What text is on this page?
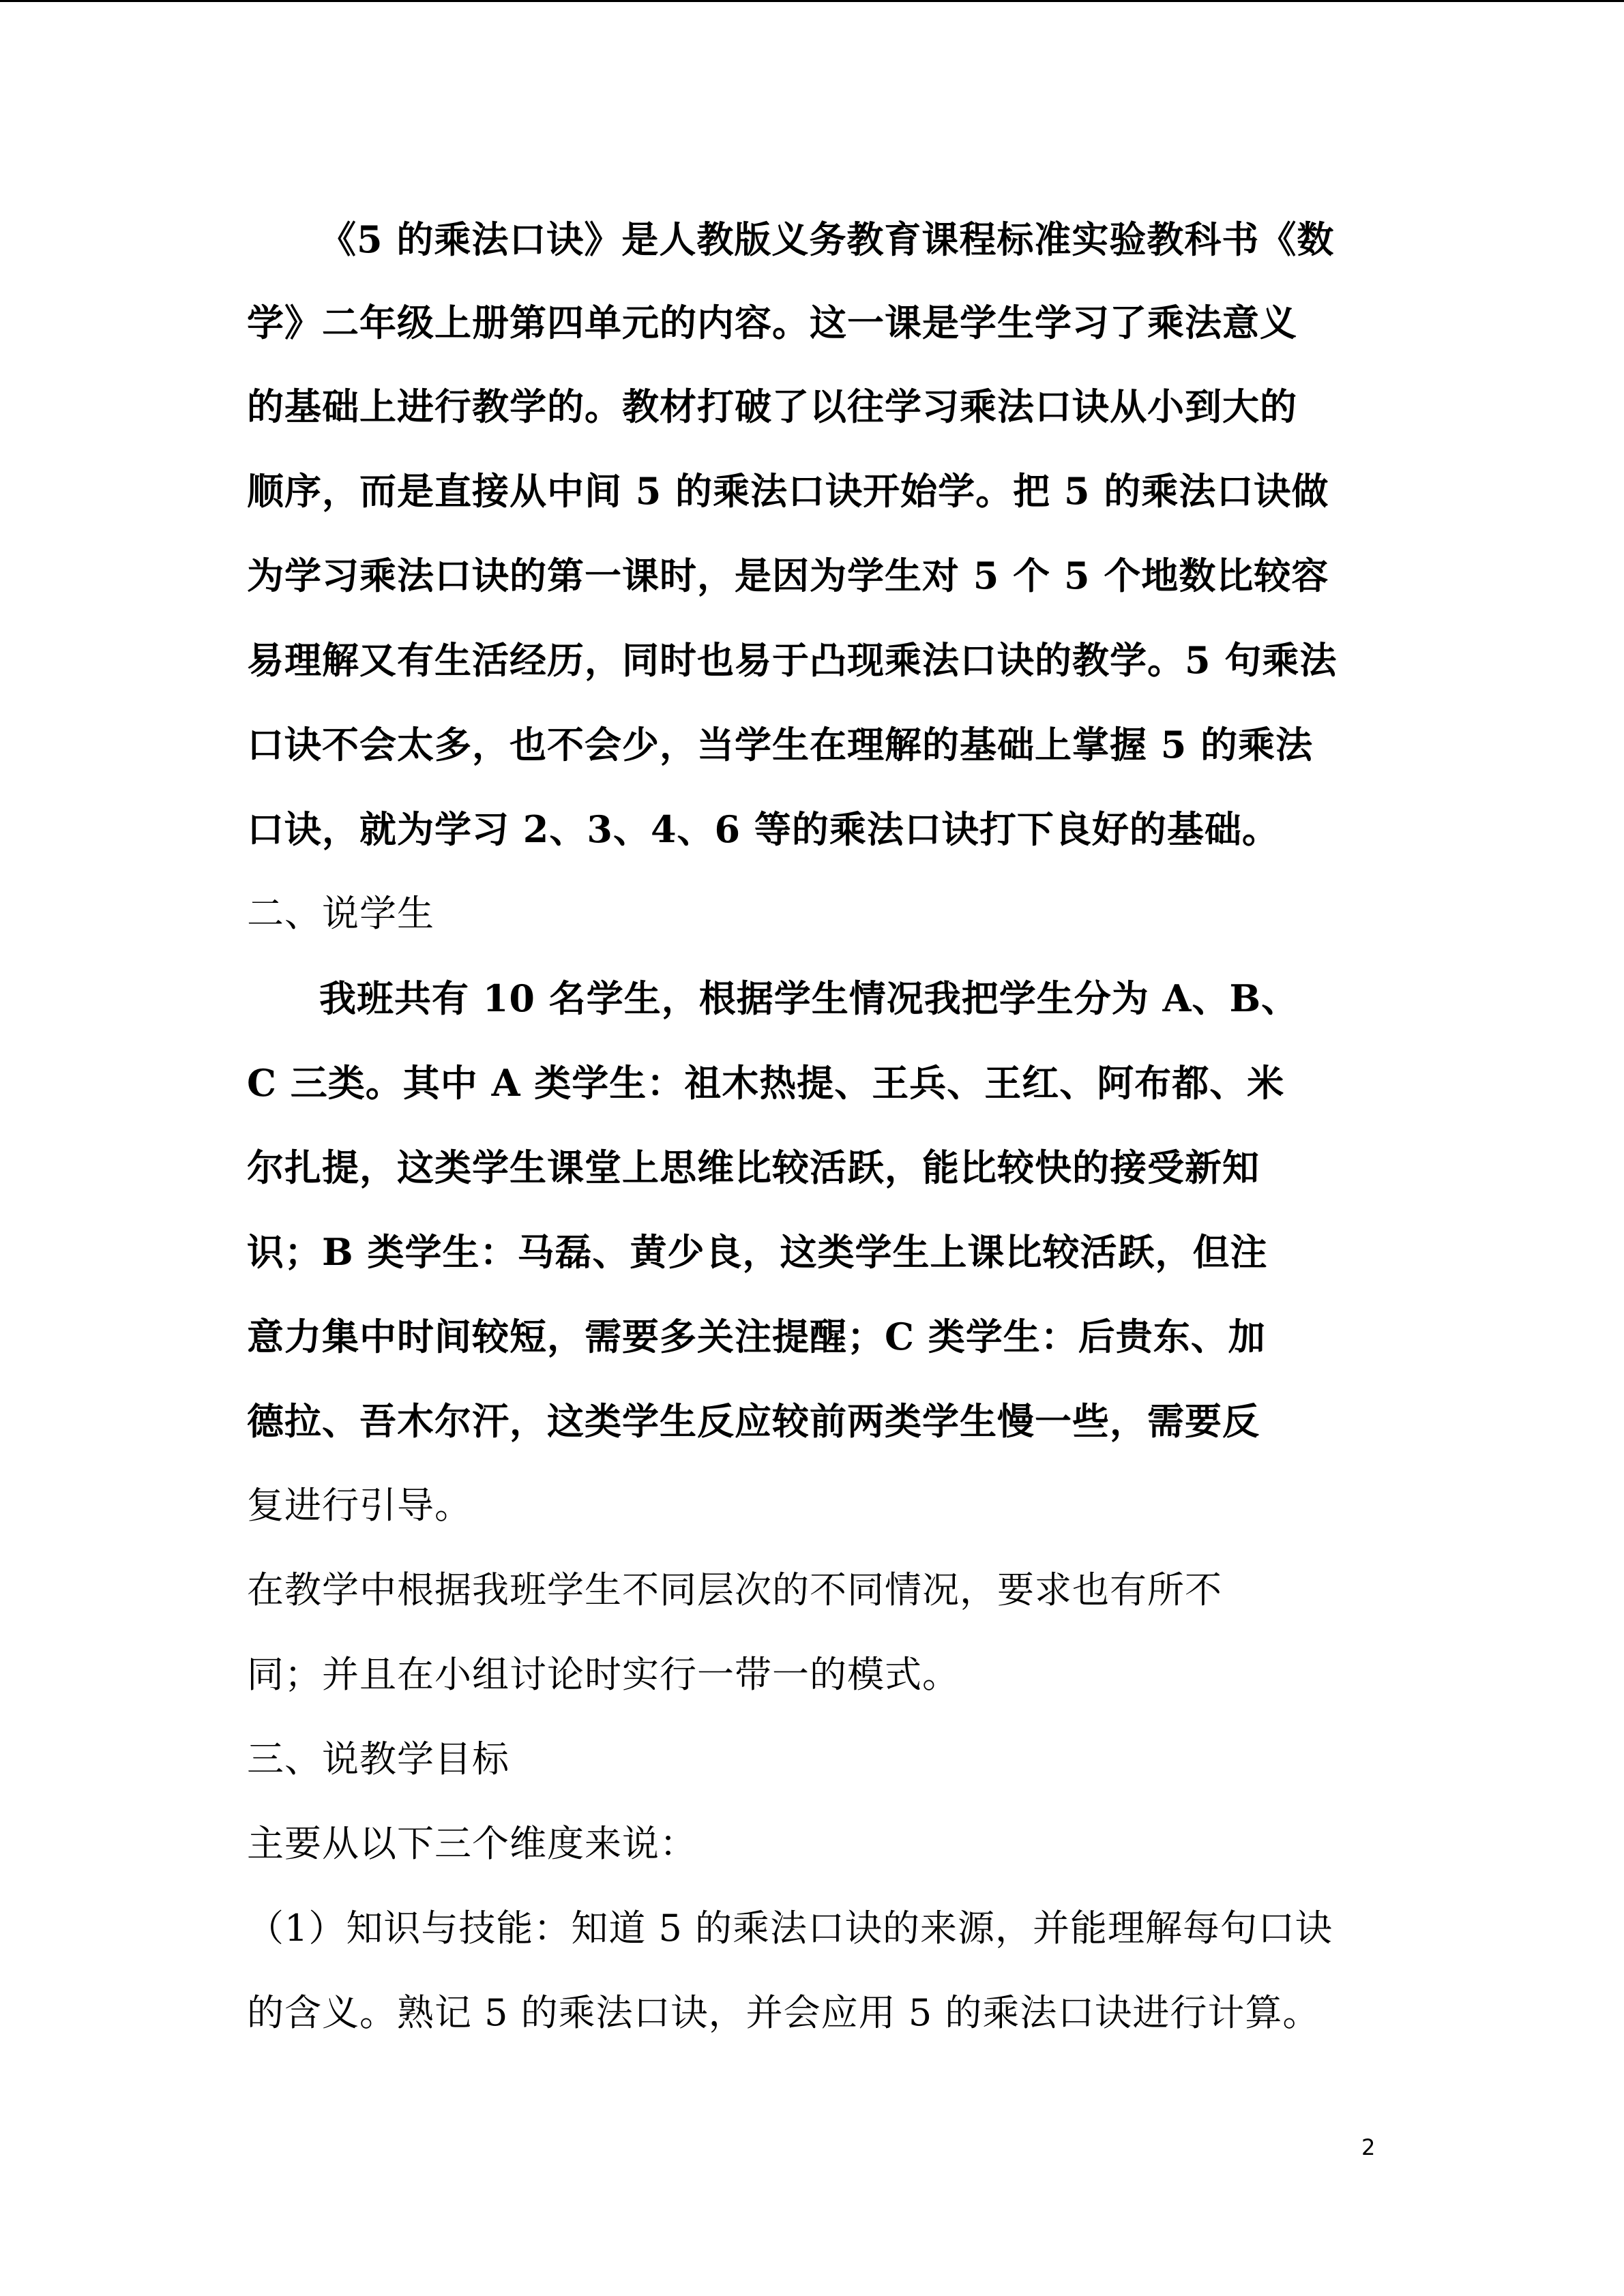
《5 的乘法口诀》是人教版义务教育课程标准实验教科书《数
学》二年级上册第四单元的内容。这一课是学生学习了乘法意义
的基础上进行教学的。教材打破了以往学习乘法口诀从小到大的
顺序，而是直接从中间 5 的乘法口诀开始学。把 5 的乘法口诀做
为学习乘法口诀的第一课时，是因为学生对 5 个 5 个地数比较容
易理解又有生活经历，同时也易于凸现乘法口诀的教学。5 句乘法
口诀不会太多，也不会少，当学生在理解的基础上掌握 5 的乘法
口诀，就为学习 2、3、4、6 等的乘法口诀打下良好的基础。
二、说学生
我班共有 10 名学生，根据学生情况我把学生分为 A、B、
C 三类。其中 A 类学生：祖木热提、王兵、王红、阿布都、米
尔扎提，这类学生课堂上思维比较活跃，能比较快的接受新知
识；B 类学生：马磊、黄少良，这类学生上课比较活跃，但注
意力集中时间较短，需要多关注提醒；C 类学生：后贵东、加
德拉、吾木尔汗，这类学生反应较前两类学生慢一些，需要反
复进行引导。
在教学中根据我班学生不同层次的不同情况，要求也有所不
同；并且在小组讨论时实行一带一的模式。
三、说教学目标
主要从以下三个维度来说：
（1）知识与技能：知道 5 的乘法口诀的来源，并能理解每句口诀
的含义。熟记 5 的乘法口诀，并会应用 5 的乘法口诀进行计算。
2
